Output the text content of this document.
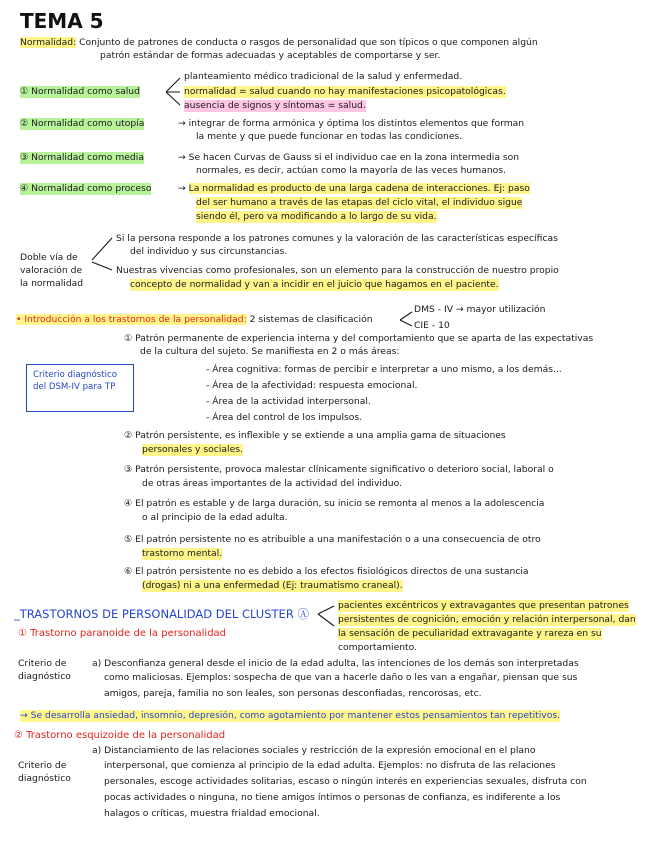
TEMA 5
Normalidad: Conjunto de patrones de conducta o rasgos de personalidad que son típicos o que componen algún
patrón estándar de formas adecuadas y aceptables de comportarse y ser.
① Normalidad como salud
planteamiento médico tradicional de la salud y enfermedad.
normalidad = salud cuando no hay manifestaciones psicopatológicas.
ausencia de signos y síntomas = salud.
② Normalidad como utopía	→ integrar de forma armónica y óptima los distintos elementos que forman
la mente y que puede funcionar en todas las condiciones.
③ Normalidad como media	→ Se hacen Curvas de Gauss si el individuo cae en la zona intermedia son
normales, es decir, actúan como la mayoría de las veces humanos.
④ Normalidad como proceso	→ La normalidad es producto de una larga cadena de interacciones. Ej: paso
del ser humano a través de las etapas del ciclo vital, el individuo sigue
siendo él, pero va modificando a lo largo de su vida.
Doble vía de
valoración de
la normalidad
Si la persona responde a los patrones comunes y la valoración de las características específicas
del individuo y sus circunstancias.
Nuestras vivencias como profesionales, son un elemento para la construcción de nuestro propio
concepto de normalidad y van a incidir en el juicio que hagamos en el paciente.
• Introducción a los trastornos de la personalidad: 2 sistemas de clasificación
DMS - IV → mayor utilización
CIE - 10
Criterio diagnóstico
del DSM-IV para TP
① Patrón permanente de experiencia interna y del comportamiento que se aparta de las expectativas
de la cultura del sujeto. Se manifiesta en 2 o más áreas:
- Área cognitiva: formas de percibir e interpretar a uno mismo, a los demás...
- Área de la afectividad: respuesta emocional.
- Área de la actividad interpersonal.
- Área del control de los impulsos.
② Patrón persistente, es inflexible y se extiende a una amplia gama de situaciones
personales y sociales.
③ Patrón persistente, provoca malestar clínicamente significativo o deterioro social, laboral o
de otras áreas importantes de la actividad del individuo.
④ El patrón es estable y de larga duración, su inicio se remonta al menos a la adolescencia
o al principio de la edad adulta.
⑤ El patrón persistente no es atribuible a una manifestación o a una consecuencia de otro
trastorno mental.
⑥ El patrón persistente no es debido a los efectos fisiológicos directos de una sustancia
(drogas) ni a una enfermedad (Ej: traumatismo craneal).
_TRASTORNOS DE PERSONALIDAD DEL CLUSTER Ⓐ
pacientes excéntricos y extravagantes que presentan patrones
persistentes de cognición, emoción y relación interpersonal, dan
la sensación de peculiaridad extravagante y rareza en su
comportamiento.
① Trastorno paranoide de la personalidad
Criterio de
diagnóstico
a) Desconfianza general desde el inicio de la edad adulta, las intenciones de los demás son interpretadas
como maliciosas. Ejemplos: sospecha de que van a hacerle daño o les van a engañar, piensan que sus
amigos, pareja, familia no son leales, son personas desconfiadas, rencorosas, etc.
→ Se desarrolla ansiedad, insomnio, depresión, como agotamiento por mantener estos pensamientos tan repetitivos.
② Trastorno esquizoide de la personalidad
Criterio de
diagnóstico
a) Distanciamiento de las relaciones sociales y restricción de la expresión emocional en el plano
interpersonal, que comienza al principio de la edad adulta. Ejemplos: no disfruta de las relaciones
personales, escoge actividades solitarias, escaso o ningún interés en experiencias sexuales, disfruta con
pocas actividades o ninguna, no tiene amigos íntimos o personas de confianza, es indiferente a los
halagos o críticas, muestra frialdad emocional.
